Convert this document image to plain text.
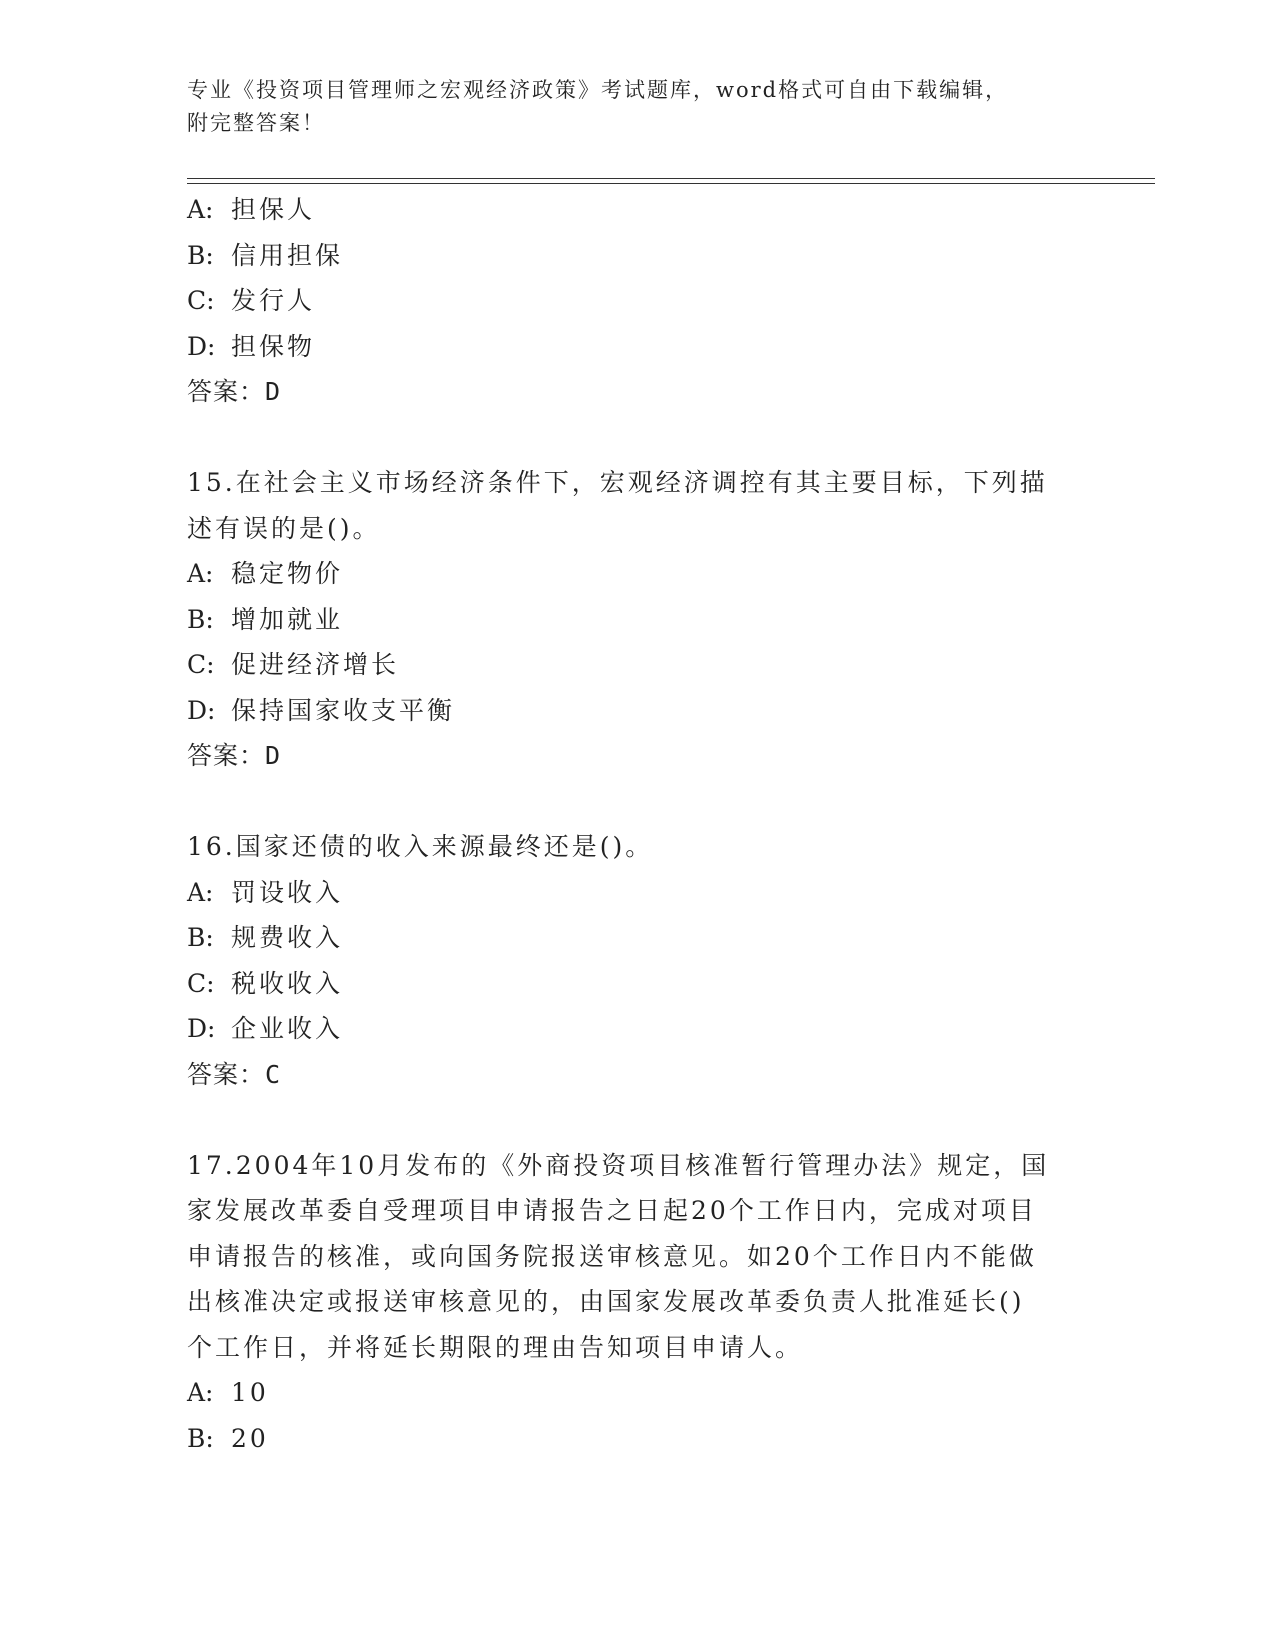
专业《投资项目管理师之宏观经济政策》考试题库，word格式可自由下载编辑，
附完整答案！
A: 担保人
B: 信用担保
C: 发行人
D: 担保物
答案：D
15.在社会主义市场经济条件下，宏观经济调控有其主要目标，下列描
述有误的是()。
A: 稳定物价
B: 增加就业
C: 促进经济增长
D: 保持国家收支平衡
答案：D
16.国家还债的收入来源最终还是()。
A: 罚设收入
B: 规费收入
C: 税收收入
D: 企业收入
答案：C
17.2004年10月发布的《外商投资项目核准暂行管理办法》规定，国
家发展改革委自受理项目申请报告之日起20个工作日内，完成对项目
申请报告的核准，或向国务院报送审核意见。如20个工作日内不能做
出核准决定或报送审核意见的，由国家发展改革委负责人批准延长()
个工作日，并将延长期限的理由告知项目申请人。
A: 10
B: 20
